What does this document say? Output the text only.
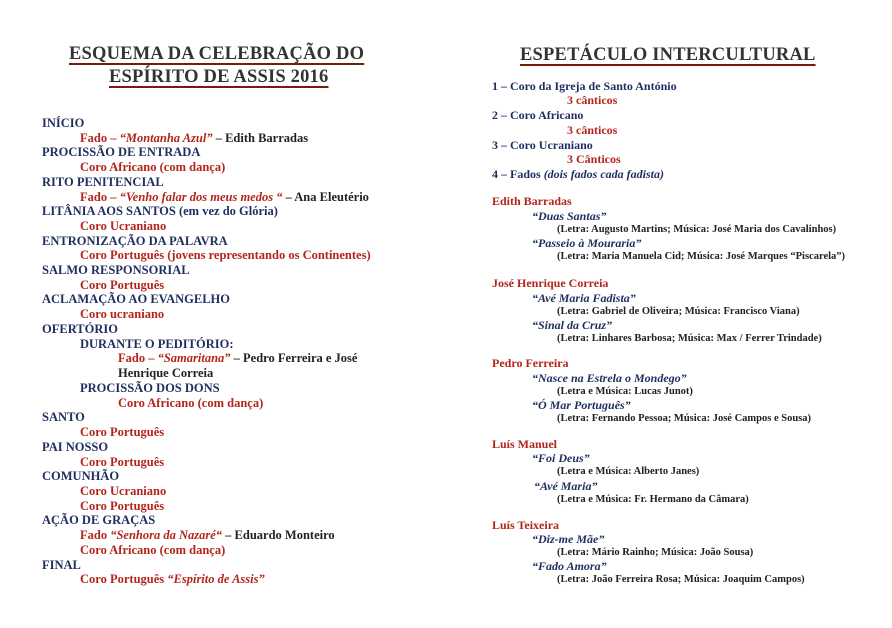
ESQUEMA DA CELEBRAÇÃO DO
ESPÍRITO DE ASSIS 2016
INÍCIO
Fado – “Montanha Azul” – Edith Barradas
PROCISSÃO DE ENTRADA
Coro Africano (com dança)
RITO PENITENCIAL
Fado – “Venho falar dos meus medos “ – Ana Eleutério
LITÂNIA AOS SANTOS (em vez do Glória)
Coro Ucraniano
ENTRONIZAÇÃO DA PALAVRA
Coro Português (jovens representando os Continentes)
SALMO RESPONSORIAL
Coro Português
ACLAMAÇÃO AO EVANGELHO
Coro ucraniano
OFERTÓRIO
DURANTE O PEDITÓRIO:
Fado – “Samaritana” – Pedro Ferreira e José
Henrique Correia
PROCISSÃO DOS DONS
Coro Africano (com dança)
SANTO
Coro Português
PAI NOSSO
Coro Português
COMUNHÃO
Coro Ucraniano
Coro Português
AÇÃO DE GRAÇAS
Fado “Senhora da Nazaré“ – Eduardo Monteiro
Coro Africano (com dança)
FINAL
Coro Português “Espírito de Assis”
ESPETÁCULO INTERCULTURAL
1 – Coro da Igreja de Santo António
3 cânticos
2 – Coro Africano
3 cânticos
3 – Coro Ucraniano
3 Cânticos
4 – Fados (dois fados cada fadista)
Edith Barradas
“Duas Santas”
(Letra: Augusto Martins; Música: José Maria dos Cavalinhos)
“Passeio à Mouraria”
(Letra: Maria Manuela Cid; Música: José Marques “Piscarela”)
José Henrique Correia
“Avé Maria Fadista”
(Letra: Gabriel de Oliveira; Música: Francisco Viana)
“Sinal da Cruz”
(Letra: Linhares Barbosa; Música: Max / Ferrer Trindade)
Pedro Ferreira
“Nasce na Estrela o Mondego”
(Letra e Música: Lucas Junot)
“Ó Mar Português”
(Letra: Fernando Pessoa; Música: José Campos e Sousa)
Luís Manuel
“Foi Deus”
(Letra e Música: Alberto Janes)
“Avé Maria”
(Letra e Música: Fr. Hermano da Câmara)
Luís Teixeira
“Diz-me Mãe”
(Letra: Mário Rainho; Música: João Sousa)
“Fado Amora”
(Letra: João Ferreira Rosa; Música: Joaquim Campos)
